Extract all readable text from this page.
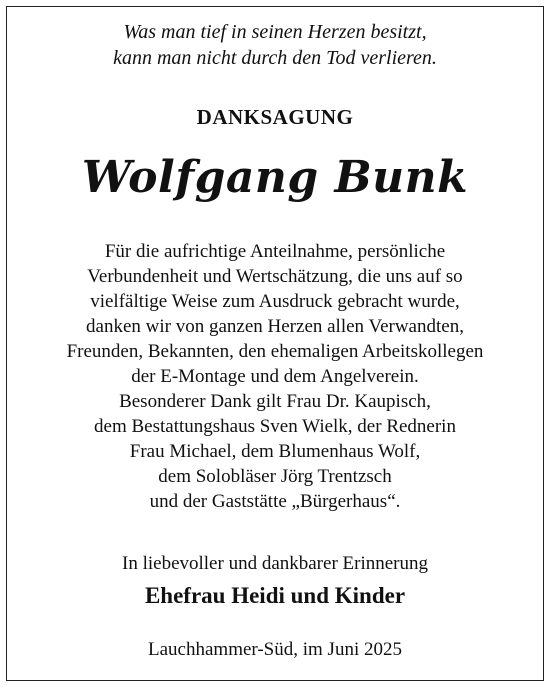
Was man tief in seinen Herzen besitzt,
kann man nicht durch den Tod verlieren.
DANKSAGUNG
Wolfgang Bunk
Für die aufrichtige Anteilnahme, persönliche
Verbundenheit und Wertschätzung, die uns auf so
vielfältige Weise zum Ausdruck gebracht wurde,
danken wir von ganzen Herzen allen Verwandten,
Freunden, Bekannten, den ehemaligen Arbeitskollegen
der E-Montage und dem Angelverein.
Besonderer Dank gilt Frau Dr. Kaupisch,
dem Bestattungshaus Sven Wielk, der Rednerin
Frau Michael, dem Blumenhaus Wolf,
dem Solobläser Jörg Trentzsch
und der Gaststätte „Bürgerhaus“.
In liebevoller und dankbarer Erinnerung
Ehefrau Heidi und Kinder
Lauchhammer-Süd, im Juni 2025
